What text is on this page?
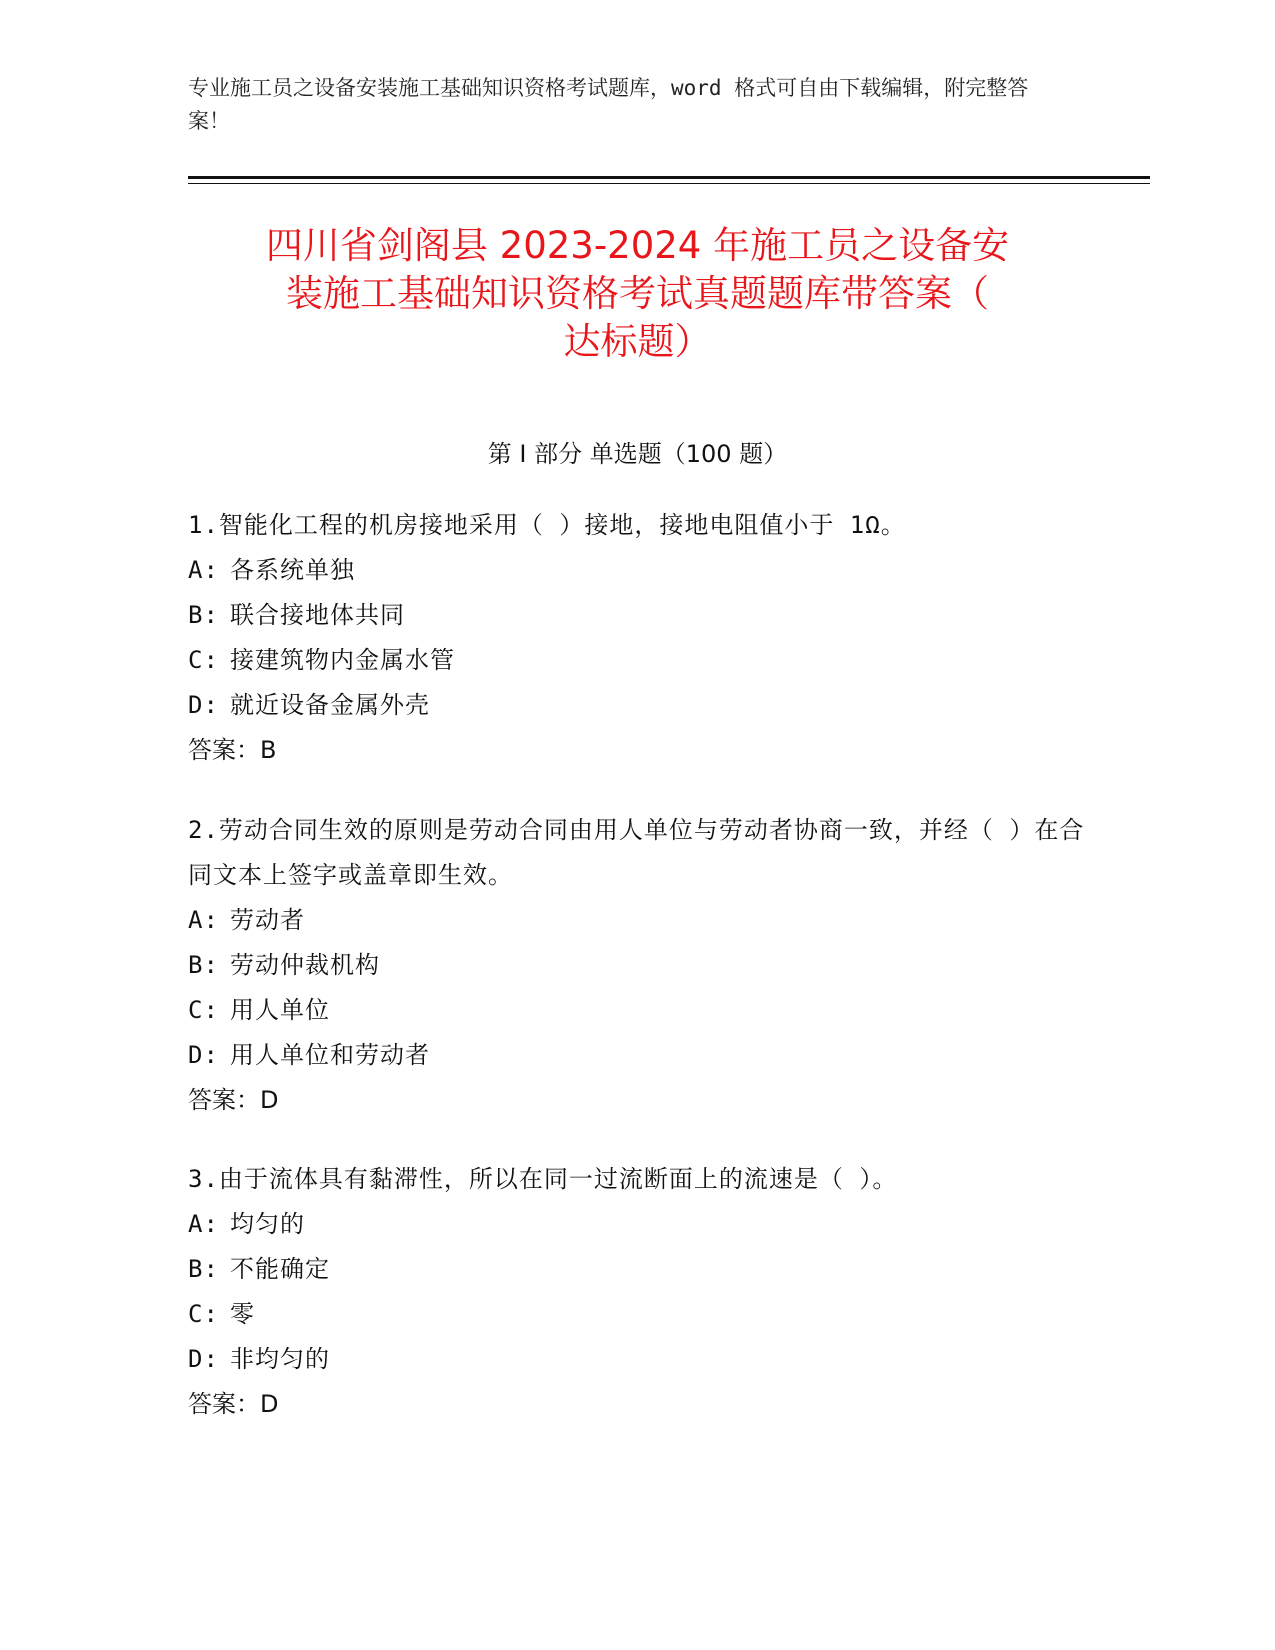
专业施工员之设备安装施工基础知识资格考试题库，word 格式可自由下载编辑，附完整答案！
四川省剑阁县 2023-2024 年施工员之设备安
装施工基础知识资格考试真题题库带答案（
达标题）
第 I 部分 单选题（100 题）
1.智能化工程的机房接地采用（ ）接地，接地电阻值小于 1Ω。
A: 各系统单独
B: 联合接地体共同
C: 接建筑物内金属水管
D: 就近设备金属外壳
答案：B
2.劳动合同生效的原则是劳动合同由用人单位与劳动者协商一致，并经（ ）在合同文本上签字或盖章即生效。
A: 劳动者
B: 劳动仲裁机构
C: 用人单位
D: 用人单位和劳动者
答案：D
3.由于流体具有黏滞性，所以在同一过流断面上的流速是（ ）。
A: 均匀的
B: 不能确定
C: 零
D: 非均匀的
答案：D
